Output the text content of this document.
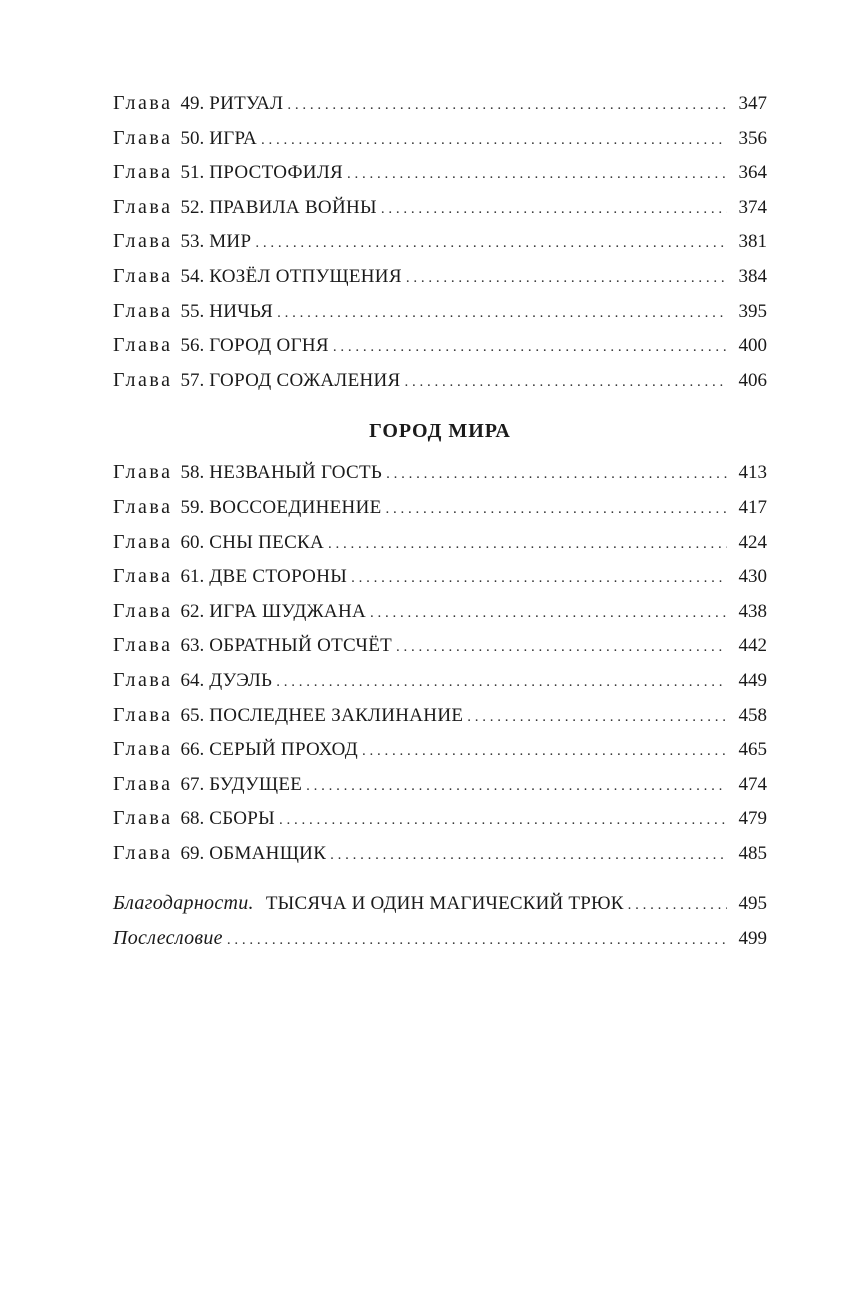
Глава 49. РИТУАЛ . . .	347
Глава 50. ИГРА . . .	356
Глава 51. ПРОСТОФИЛЯ . . .	364
Глава 52. ПРАВИЛА ВОЙНЫ . . .	374
Глава 53. МИР . . .	381
Глава 54. КОЗЁЛ ОТПУЩЕНИЯ . . .	384
Глава 55. НИЧЬЯ . . .	395
Глава 56. ГОРОД ОГНЯ . . .	400
Глава 57. ГОРОД СОЖАЛЕНИЯ . . .	406
ГОРОД МИРА
Глава 58. НЕЗВАНЫЙ ГОСТЬ . . .	413
Глава 59. ВОССОЕДИНЕНИЕ . . .	417
Глава 60. СНЫ ПЕСКА . . .	424
Глава 61. ДВЕ СТОРОНЫ . . .	430
Глава 62. ИГРА ШУДЖАНА . . .	438
Глава 63. ОБРАТНЫЙ ОТСЧЁТ . . .	442
Глава 64. ДУЭЛЬ . . .	449
Глава 65. ПОСЛЕДНЕЕ ЗАКЛИНАНИЕ . . .	458
Глава 66. СЕРЫЙ ПРОХОД . . .	465
Глава 67. БУДУЩЕЕ . . .	474
Глава 68. СБОРЫ . . .	479
Глава 69. ОБМАНЩИК . . .	485
Благодарности. ТЫСЯЧА И ОДИН МАГИЧЕСКИЙ ТРЮК . . .	495
Послесловие . . .	499
